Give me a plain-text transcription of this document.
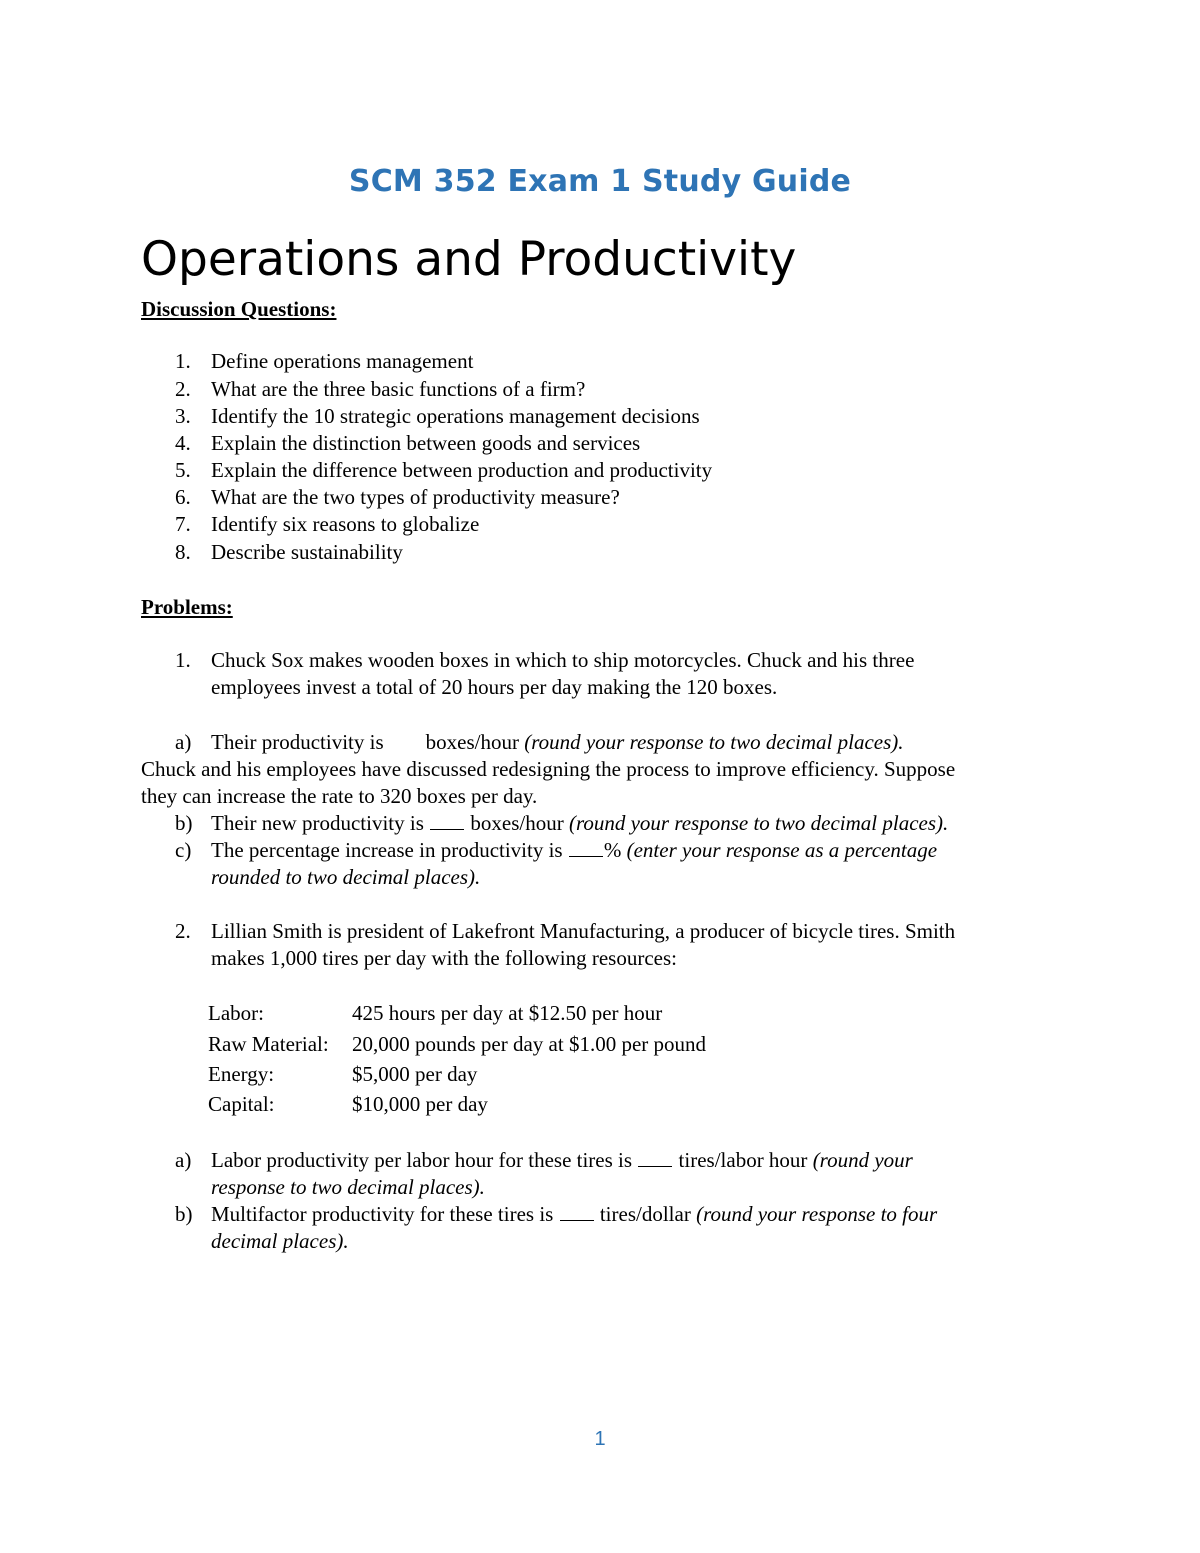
SCM 352 Exam 1 Study Guide
Operations and Productivity
Discussion Questions:
1. Define operations management
2. What are the three basic functions of a firm?
3. Identify the 10 strategic operations management decisions
4. Explain the distinction between goods and services
5. Explain the difference between production and productivity
6. What are the two types of productivity measure?
7. Identify six reasons to globalize
8. Describe sustainability
Problems:
1. Chuck Sox makes wooden boxes in which to ship motorcycles. Chuck and his three
employees invest a total of 20 hours per day making the 120 boxes.
a) Their productivity is boxes/hour (round your response to two decimal places).
Chuck and his employees have discussed redesigning the process to improve efficiency. Suppose
they can increase the rate to 320 boxes per day.
b) Their new productivity is boxes/hour (round your response to two decimal places).
c) The percentage increase in productivity is % (enter your response as a percentage
rounded to two decimal places).
2. Lillian Smith is president of Lakefront Manufacturing, a producer of bicycle tires. Smith
makes 1,000 tires per day with the following resources:
Labor:	425 hours per day at $12.50 per hour
Raw Material: 20,000 pounds per day at $1.00 per pound
Energy:	$5,000 per day
Capital:	$10,000 per day
a) Labor productivity per labor hour for these tires is tires/labor hour (round your
response to two decimal places).
b) Multifactor productivity for these tires is tires/dollar (round your response to four
decimal places).
1
